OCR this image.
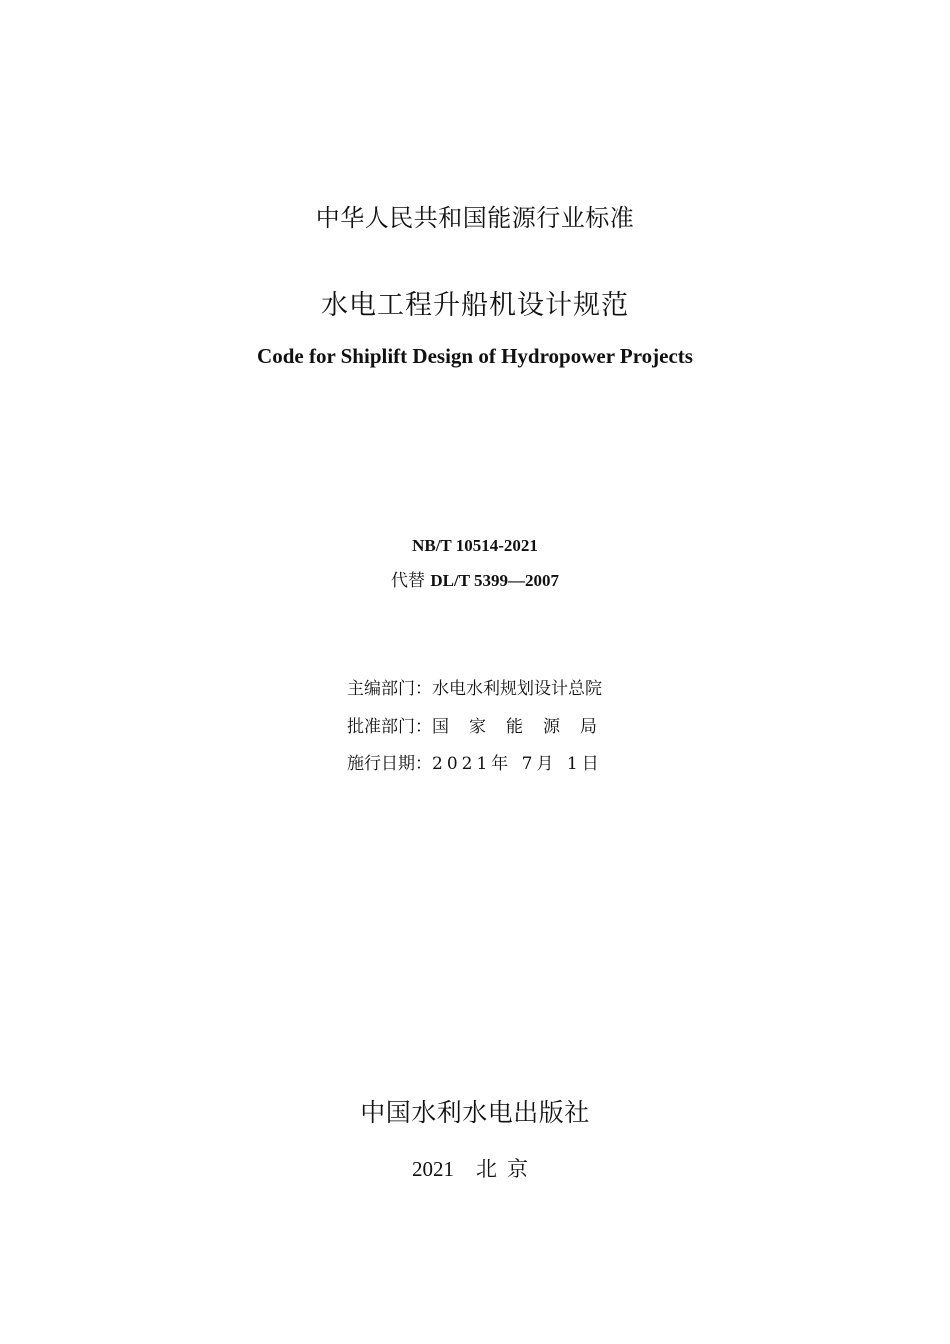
中华人民共和国能源行业标准
水电工程升船机设计规范
Code for Shiplift Design of Hydropower Projects
NB/T 10514-2021
代替 DL/T 5399—2007
主编部门：水电水利规划设计总院
批准部门：国家能源局
施行日期：2021年 7月 1日
中国水利水电出版社
2021 北京
